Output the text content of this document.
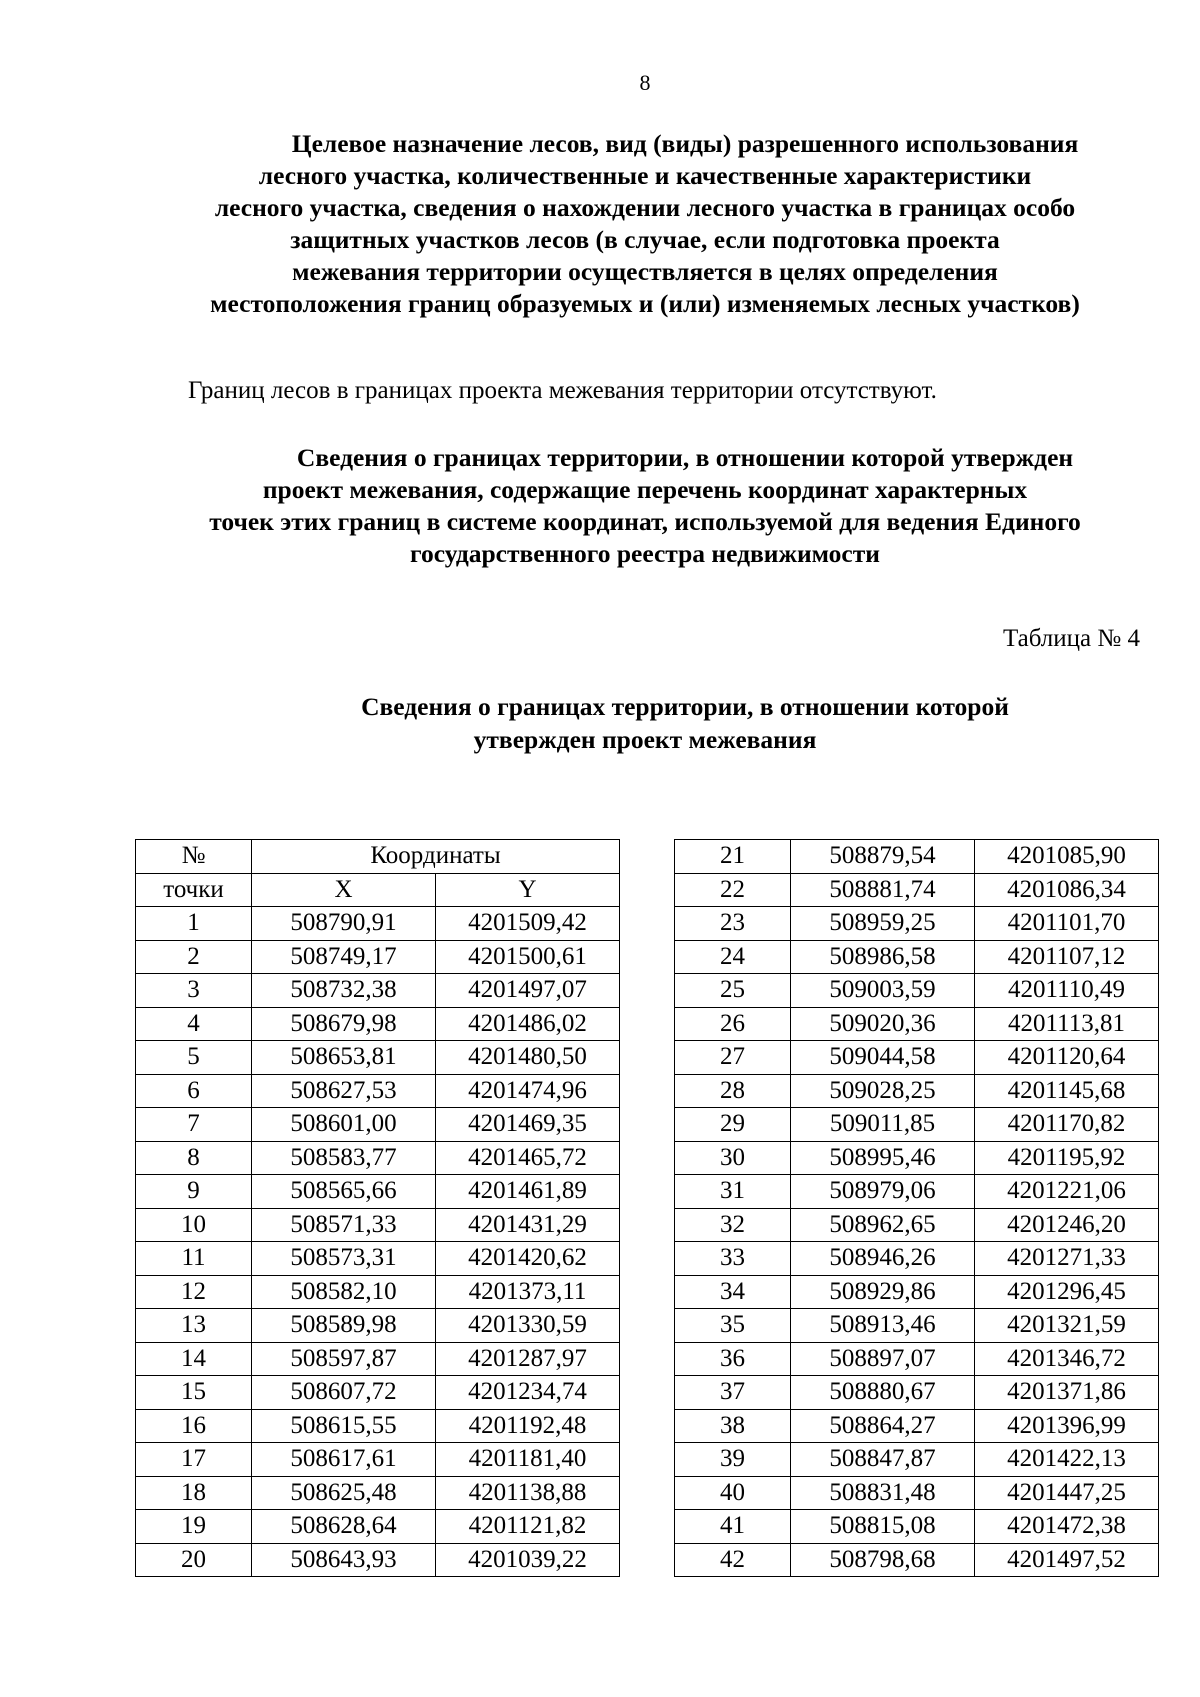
8
Целевое назначение лесов, вид (виды) разрешенного использования
лесного участка, количественные и качественные характеристики
лесного участка, сведения о нахождении лесного участка в границах особо
защитных участков лесов (в случае, если подготовка проекта
межевания территории осуществляется в целях определения
местоположения границ образуемых и (или) изменяемых лесных участков)

Границ лесов в границах проекта межевания территории отсутствуют.

Сведения о границах территории, в отношении которой утвержден
проект межевания, содержащие перечень координат характерных
точек этих границ в системе координат, используемой для ведения Единого
государственного реестра недвижимости
Таблица № 4
Сведения о границах территории, в отношении которой
утвержден проект межевания
№	Координаты	
точки	X	Y
1	508790,91	4201509,42
2	508749,17	4201500,61
3	508732,38	4201497,07
4	508679,98	4201486,02
5	508653,81	4201480,50
6	508627,53	4201474,96
7	508601,00	4201469,35
8	508583,77	4201465,72
9	508565,66	4201461,89
10	508571,33	4201431,29
11	508573,31	4201420,62
12	508582,10	4201373,11
13	508589,98	4201330,59
14	508597,87	4201287,97
15	508607,72	4201234,74
16	508615,55	4201192,48
17	508617,61	4201181,40
18	508625,48	4201138,88
19	508628,64	4201121,82
20	508643,93	4201039,22
21	508879,54	4201085,90
22	508881,74	4201086,34
23	508959,25	4201101,70
24	508986,58	4201107,12
25	509003,59	4201110,49
26	509020,36	4201113,81
27	509044,58	4201120,64
28	509028,25	4201145,68
29	509011,85	4201170,82
30	508995,46	4201195,92
31	508979,06	4201221,06
32	508962,65	4201246,20
33	508946,26	4201271,33
34	508929,86	4201296,45
35	508913,46	4201321,59
36	508897,07	4201346,72
37	508880,67	4201371,86
38	508864,27	4201396,99
39	508847,87	4201422,13
40	508831,48	4201447,25
41	508815,08	4201472,38
42	508798,68	4201497,52
